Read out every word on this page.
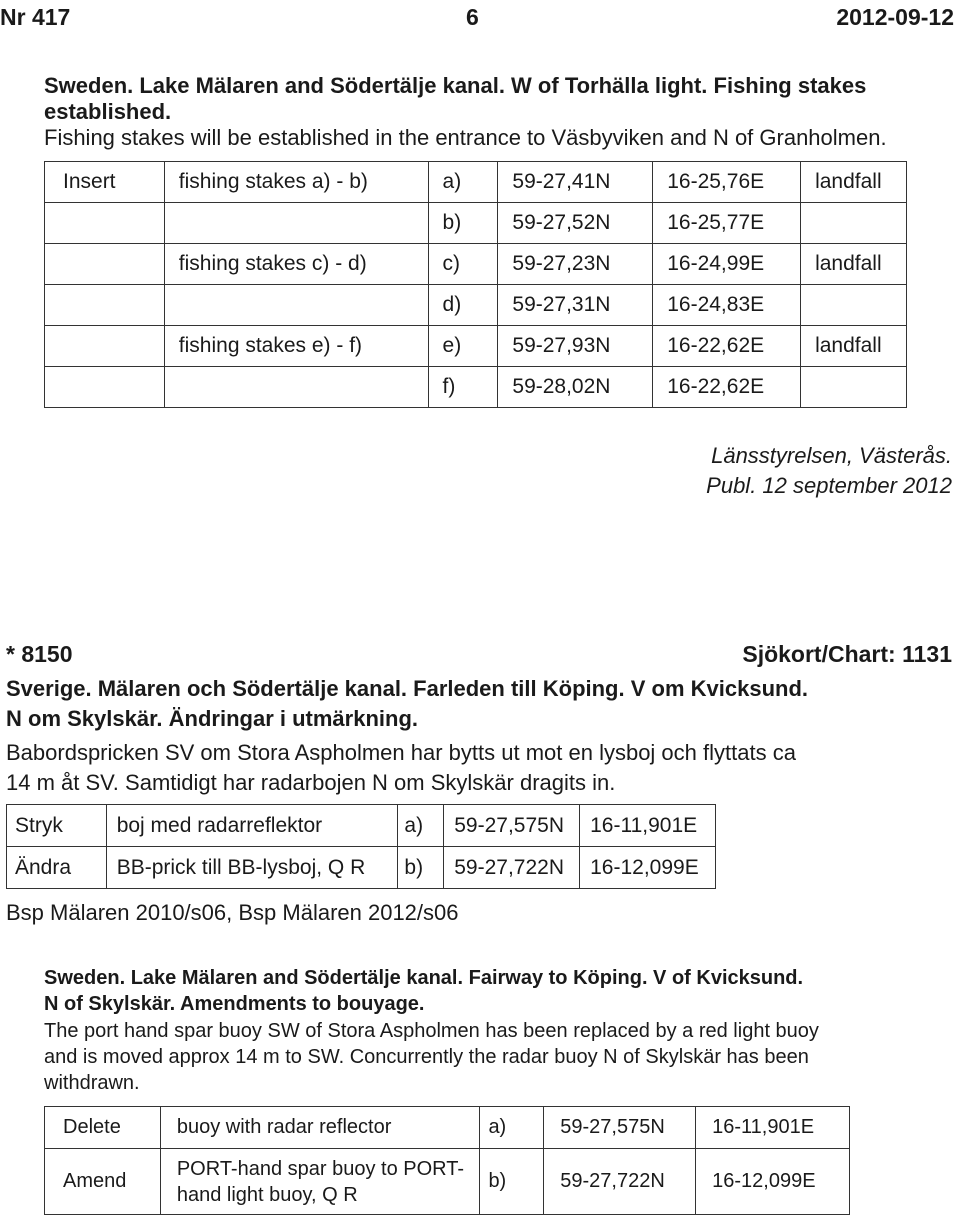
Nr 417	6	2012-09-12
Sweden. Lake Mälaren and Södertälje kanal. W of Torhälla light. Fishing stakes
established.
Fishing stakes will be established in the entrance to Väsbyviken and N of Granholmen.
Insert	fishing stakes a) - b)	a)	59-27,41N	16-25,76E	landfall

		b)	59-27,52N	16-25,77E	

	fishing stakes c) - d)	c)	59-27,23N	16-24,99E	landfall

		d)	59-27,31N	16-24,83E	

	fishing stakes e) - f)	e)	59-27,93N	16-22,62E	landfall

		f)	59-28,02N	16-22,62E	

Länsstyrelsen, Västerås.
Publ. 12 september 2012
* 8150	Sjökort/Chart: 1131
Sverige. Mälaren och Södertälje kanal. Farleden till Köping. V om Kvicksund.
N om Skylskär. Ändringar i utmärkning.
Babordspricken SV om Stora Aspholmen har bytts ut mot en lysboj och flyttats ca
14 m åt SV. Samtidigt har radarbojen N om Skylskär dragits in.
Stryk	boj med radarreflektor	a)	59-27,575N	16-11,901E

Ändra	BB-prick till BB-lysboj, Q R	b)	59-27,722N	16-12,099E
Bsp Mälaren 2010/s06, Bsp Mälaren 2012/s06
Sweden. Lake Mälaren and Södertälje kanal. Fairway to Köping. V of Kvicksund.
N of Skylskär. Amendments to bouyage.
The port hand spar buoy SW of Stora Aspholmen has been replaced by a red light buoy
and is moved approx 14 m to SW. Concurrently the radar buoy N of Skylskär has been
withdrawn.
Delete	buoy with radar reflector	a)	59-27,575N	16-11,901E

Amend	PORT-hand spar buoy to PORT-hand light buoy, Q R	b)	59-27,722N	16-12,099E
